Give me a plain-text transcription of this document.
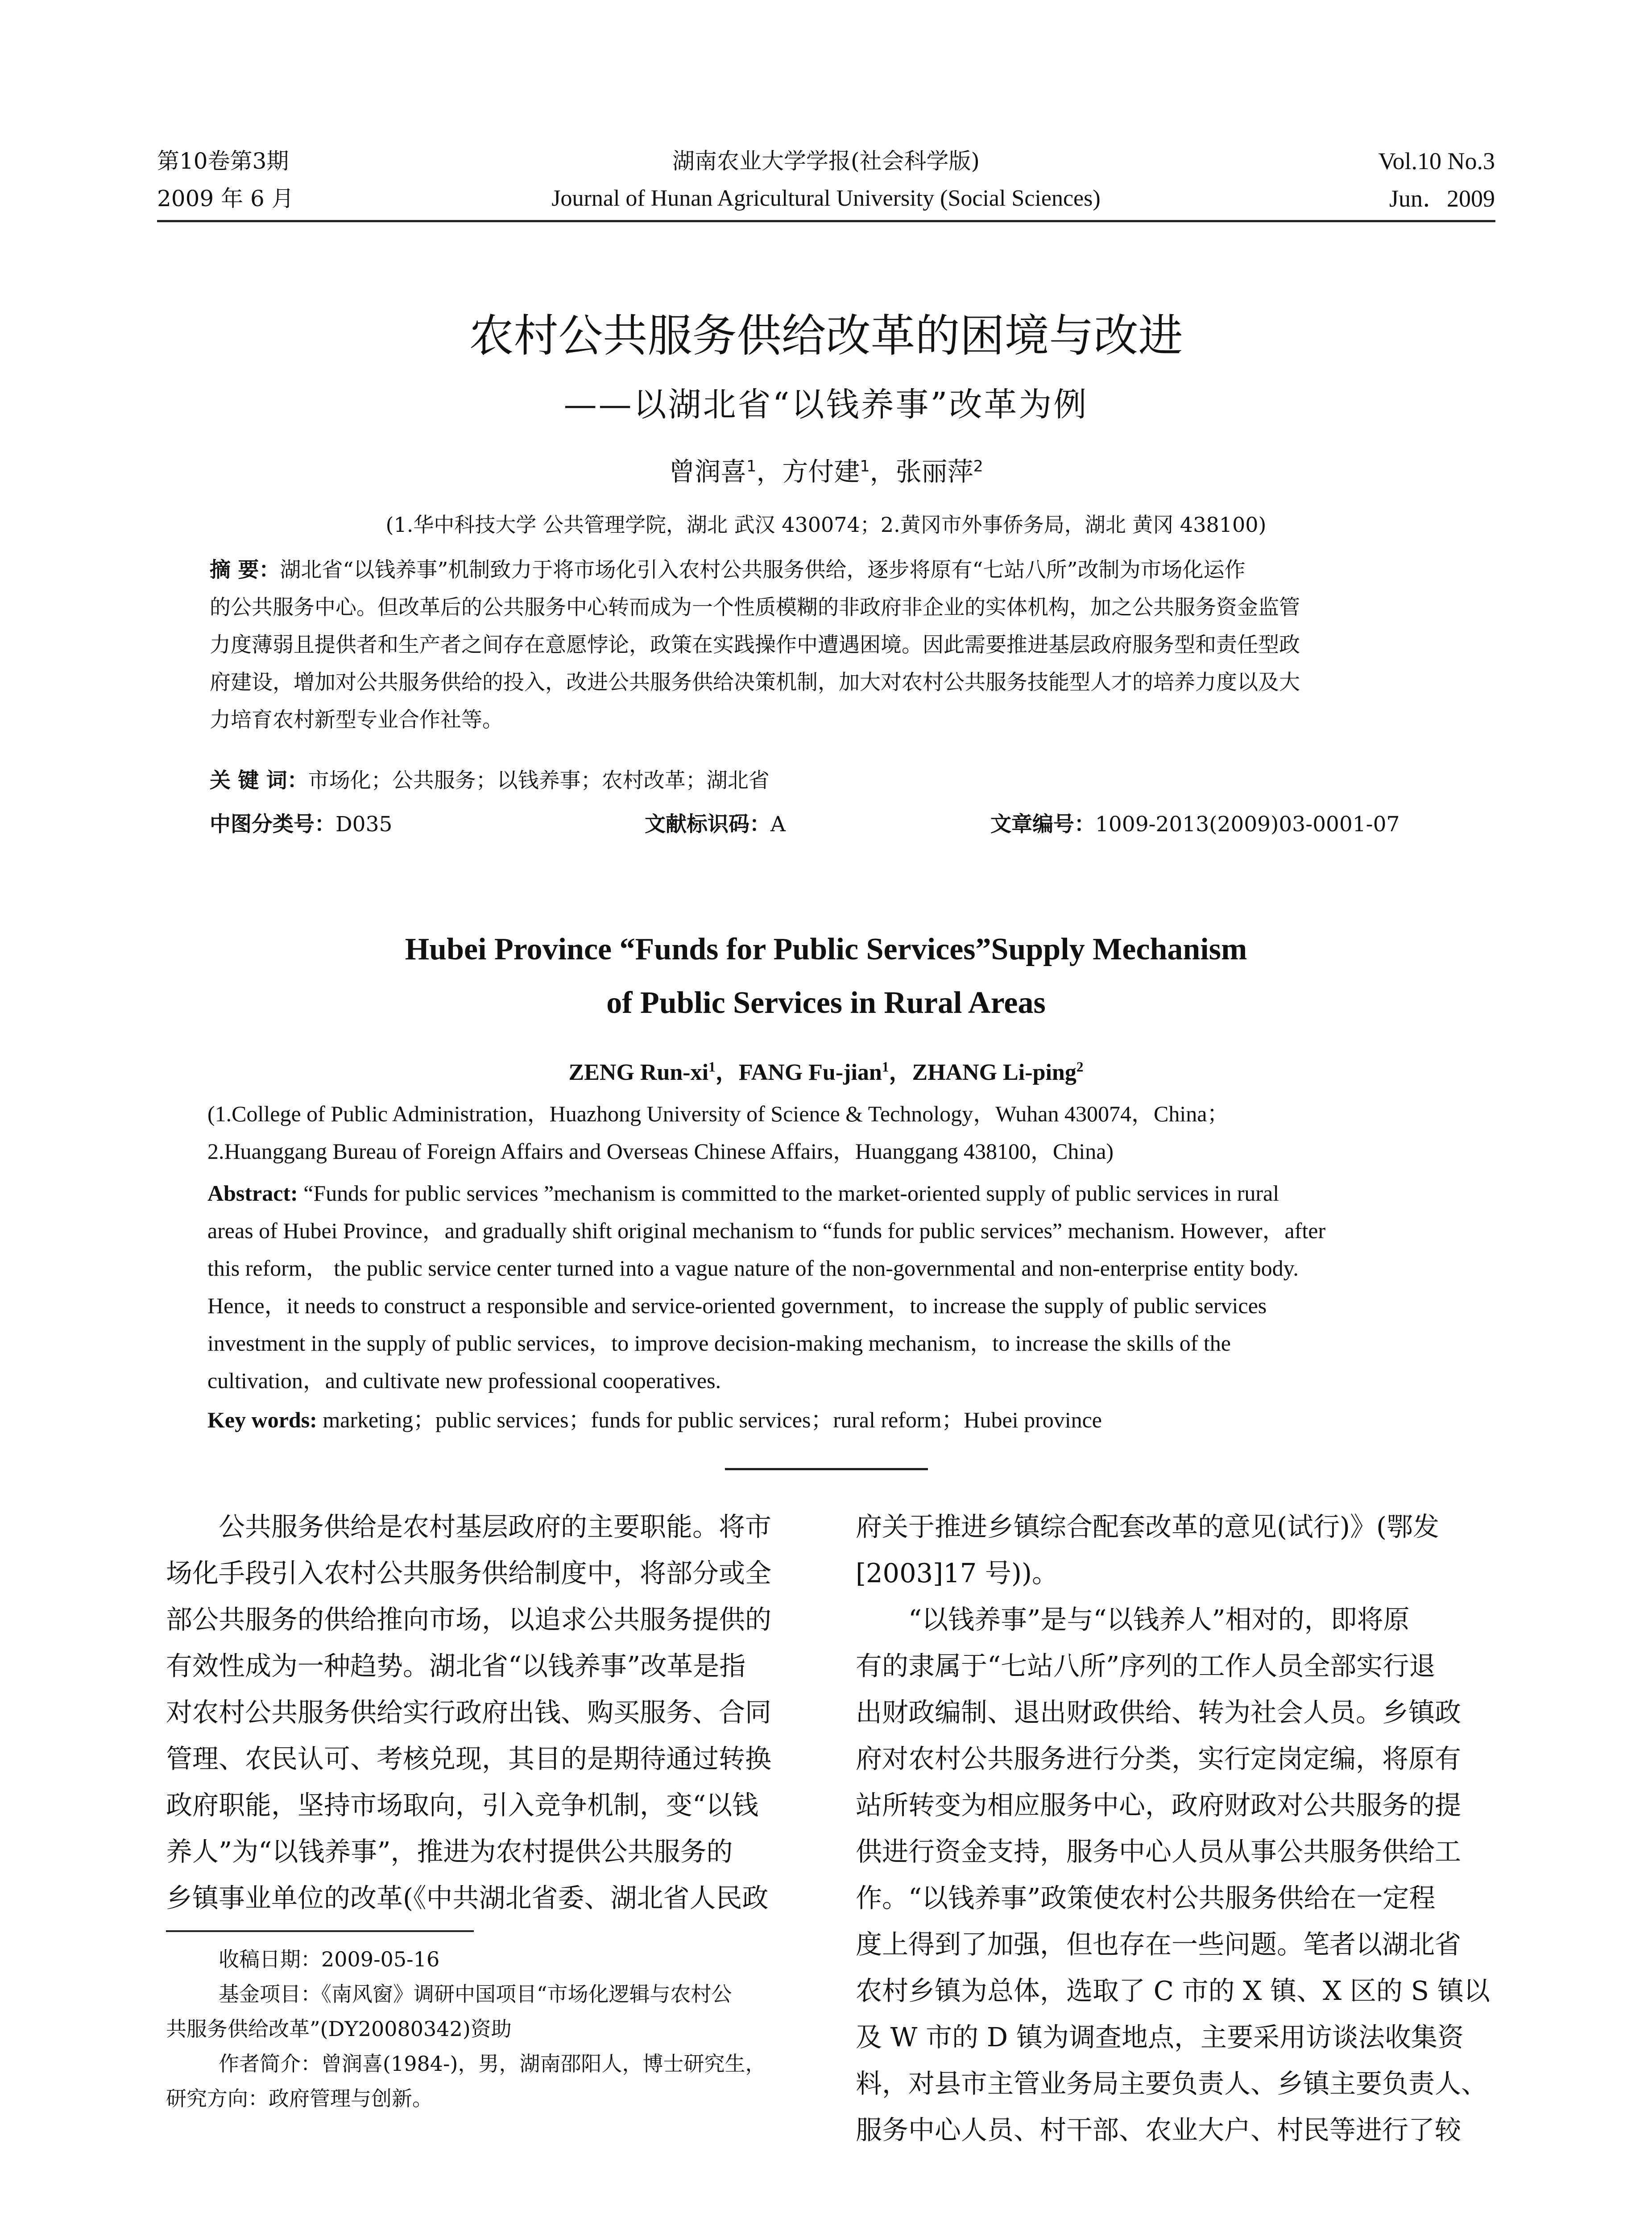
第10卷第3期
2009 年 6 月
湖南农业大学学报(社会科学版)
Journal of Hunan Agricultural University (Social Sciences)
Vol.10 No.3
Jun．2009
农村公共服务供给改革的困境与改进
——以湖北省“以钱养事”改革为例
曾润喜$^1$，方付建$^1$，张丽萍$^2$
(1.华中科技大学 公共管理学院，湖北 武汉 430074；2.黄冈市外事侨务局，湖北 黄冈 438100)
摘 要：湖北省“以钱养事”机制致力于将市场化引入农村公共服务供给，逐步将原有“七站八所”改制为市场化运作
的公共服务中心。但改革后的公共服务中心转而成为一个性质模糊的非政府非企业的实体机构，加之公共服务资金监管
力度薄弱且提供者和生产者之间存在意愿悖论，政策在实践操作中遭遇困境。因此需要推进基层政府服务型和责任型政
府建设，增加对公共服务供给的投入，改进公共服务供给决策机制，加大对农村公共服务技能型人才的培养力度以及大
力培育农村新型专业合作社等。
关 键 词：市场化；公共服务；以钱养事；农村改革；湖北省
中图分类号：D035	文献标识码：A	文章编号：1009-2013(2009)03-0001-07
Hubei Province “Funds for Public Services”Supply Mechanism
of Public Services in Rural Areas
ZENG Run-$xi^1$，FANG Fu-jian$^1$，ZHANG Li-ping$^2$
(1.College of Public Administration，Huazhong University of Science & Technology，Wuhan 430074，China；
2.Huanggang Bureau of Foreign Affairs and Overseas Chinese Affairs，Huanggang 438100，China)
Abstract: “Funds for public services ”mechanism is committed to the market-oriented supply of public services in rural
areas of Hubei Province，and gradually shift original mechanism to “funds for public services” mechanism. However，after
this reform， the public service center turned into a vague nature of the non-governmental and non-enterprise entity body.
Hence，it needs to construct a responsible and service-oriented government，to increase the supply of public services
investment in the supply of public services，to improve decision-making mechanism，to increase the skills of the
cultivation，and cultivate new professional cooperatives.
Key words: marketing；public services；funds for public services；rural reform；Hubei province
　　公共服务供给是农村基层政府的主要职能。将市
场化手段引入农村公共服务供给制度中，将部分或全
部公共服务的供给推向市场，以追求公共服务提供的
有效性成为一种趋势。湖北省“以钱养事”改革是指
对农村公共服务供给实行政府出钱、购买服务、合同
管理、农民认可、考核兑现，其目的是期待通过转换
政府职能，坚持市场取向，引入竞争机制，变“以钱
养人”为“以钱养事”，推进为农村提供公共服务的
乡镇事业单位的改革(《中共湖北省委、湖北省人民政
收稿日期：2009-05-16
基金项目：《南风窗》调研中国项目“市场化逻辑与农村公
共服务供给改革”(DY20080342)资助
作者简介：曾润喜(1984-)，男，湖南邵阳人，博士研究生，
研究方向：政府管理与创新。
府关于推进乡镇综合配套改革的意见(试行)》(鄂发
[2003]17 号))。
　　“以钱养事”是与“以钱养人”相对的，即将原
有的隶属于“七站八所”序列的工作人员全部实行退
出财政编制、退出财政供给、转为社会人员。乡镇政
府对农村公共服务进行分类，实行定岗定编，将原有
站所转变为相应服务中心，政府财政对公共服务的提
供进行资金支持，服务中心人员从事公共服务供给工
作。“以钱养事”政策使农村公共服务供给在一定程
度上得到了加强，但也存在一些问题。笔者以湖北省
农村乡镇为总体，选取了 C 市的 X 镇、X 区的 S 镇以
及 W 市的 D 镇为调查地点，主要采用访谈法收集资
料，对县市主管业务局主要负责人、乡镇主要负责人、
服务中心人员、村干部、农业大户、村民等进行了较
